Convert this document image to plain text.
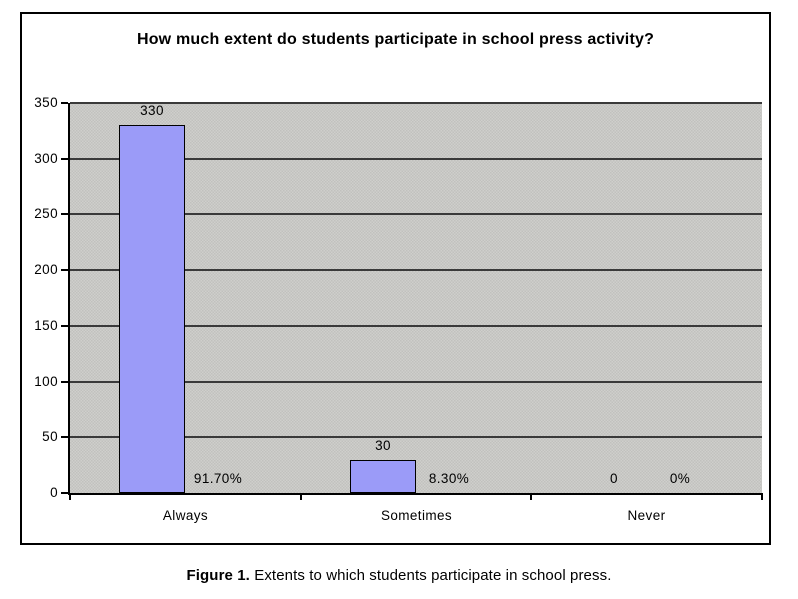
How much extent do students participate in school press activity?
0
50
100
150
200
250
300
350
330
91.70%
Always
30
8.30%
Sometimes
0	0%
Never
Figure 1. Extents to which students participate in school press.
